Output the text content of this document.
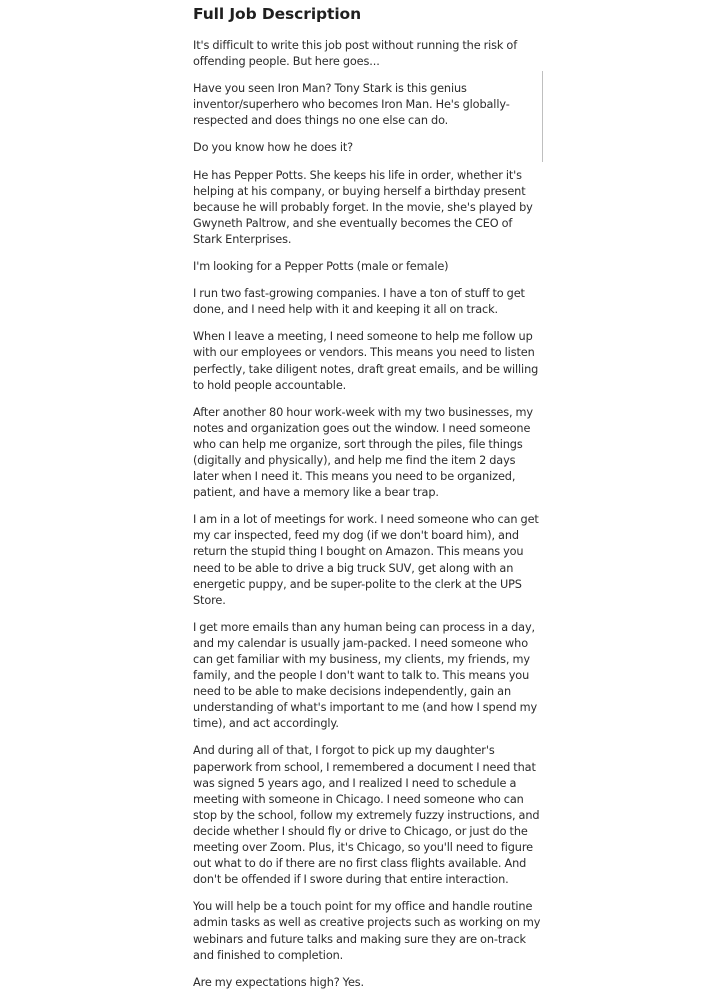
Full Job Description

It's difficult to write this job post without running the risk of offending people. But here goes...

Have you seen Iron Man? Tony Stark is this genius inventor/superhero who becomes Iron Man. He's globally-respected and does things no one else can do.

Do you know how he does it?

He has Pepper Potts. She keeps his life in order, whether it's helping at his company, or buying herself a birthday present because he will probably forget. In the movie, she's played by Gwyneth Paltrow, and she eventually becomes the CEO of Stark Enterprises.

I'm looking for a Pepper Potts (male or female)

I run two fast-growing companies. I have a ton of stuff to get done, and I need help with it and keeping it all on track.

When I leave a meeting, I need someone to help me follow up with our employees or vendors. This means you need to listen perfectly, take diligent notes, draft great emails, and be willing to hold people accountable.

After another 80 hour work-week with my two businesses, my notes and organization goes out the window. I need someone who can help me organize, sort through the piles, file things (digitally and physically), and help me find the item 2 days later when I need it. This means you need to be organized, patient, and have a memory like a bear trap.

I am in a lot of meetings for work. I need someone who can get my car inspected, feed my dog (if we don't board him), and return the stupid thing I bought on Amazon. This means you need to be able to drive a big truck SUV, get along with an energetic puppy, and be super-polite to the clerk at the UPS Store.

I get more emails than any human being can process in a day, and my calendar is usually jam-packed. I need someone who can get familiar with my business, my clients, my friends, my family, and the people I don't want to talk to. This means you need to be able to make decisions independently, gain an understanding of what's important to me (and how I spend my time), and act accordingly.

And during all of that, I forgot to pick up my daughter's paperwork from school, I remembered a document I need that was signed 5 years ago, and I realized I need to schedule a meeting with someone in Chicago. I need someone who can stop by the school, follow my extremely fuzzy instructions, and decide whether I should fly or drive to Chicago, or just do the meeting over Zoom. Plus, it's Chicago, so you'll need to figure out what to do if there are no first class flights available. And don't be offended if I swore during that entire interaction.

You will help be a touch point for my office and handle routine admin tasks as well as creative projects such as working on my webinars and future talks and making sure they are on-track and finished to completion.

Are my expectations high? Yes.
